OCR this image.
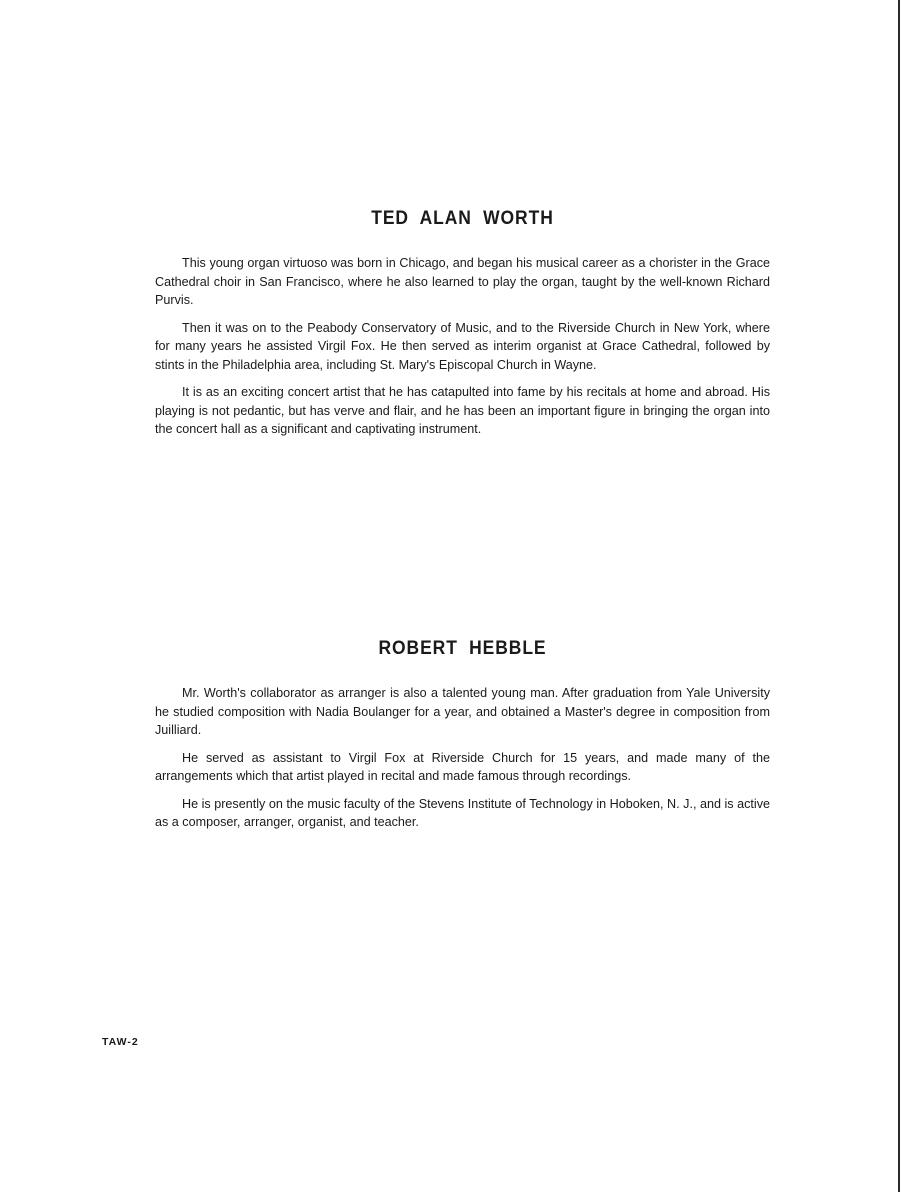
TED ALAN WORTH

This young organ virtuoso was born in Chicago, and began his musical career as a chorister in the Grace Cathedral choir in San Francisco, where he also learned to play the organ, taught by the well-known Richard Purvis.

Then it was on to the Peabody Conservatory of Music, and to the Riverside Church in New York, where for many years he assisted Virgil Fox. He then served as interim organist at Grace Cathedral, followed by stints in the Philadelphia area, including St. Mary's Episcopal Church in Wayne.

It is as an exciting concert artist that he has catapulted into fame by his recitals at home and abroad. His playing is not pedantic, but has verve and flair, and he has been an important figure in bringing the organ into the concert hall as a significant and captivating instrument.

ROBERT HEBBLE

Mr. Worth's collaborator as arranger is also a talented young man. After graduation from Yale University he studied composition with Nadia Boulanger for a year, and obtained a Master's degree in composition from Juilliard.

He served as assistant to Virgil Fox at Riverside Church for 15 years, and made many of the arrangements which that artist played in recital and made famous through recordings.

He is presently on the music faculty of the Stevens Institute of Technology in Hoboken, N. J., and is active as a composer, arranger, organist, and teacher.

TAW-2
